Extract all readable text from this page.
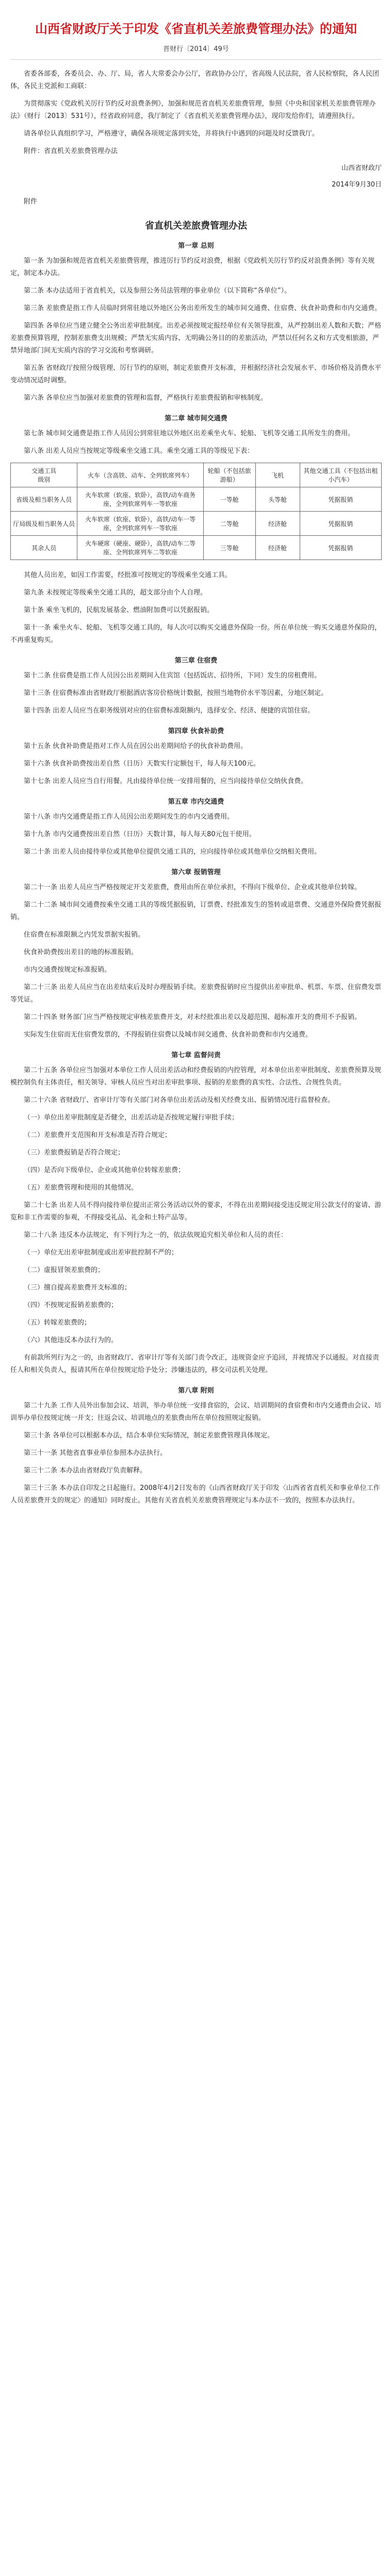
山西省财政厅关于印发《省直机关差旅费管理办法》的通知
晋财行〔2014〕49号

省委各部委，各委员会、办、厅、局，省人大常委会办公厅，省政协办公厅，省高级人民法院，省人民检察院，各人民团体，各民主党派和工商联：

为贯彻落实《党政机关厉行节约反对浪费条例》，加强和规范省直机关差旅费管理，参照《中央和国家机关差旅费管理办法》（财行〔2013〕531号），经省政府同意，我厅制定了《省直机关差旅费管理办法》，现印发给你们，请遵照执行。

请各单位认真组织学习，严格遵守，确保各项规定落到实处，并将执行中遇到的问题及时反馈我厅。

附件：省直机关差旅费管理办法

山西省财政厅
2014年9月30日

附件

省直机关差旅费管理办法
第一章 总则

第一条 为加强和规范省直机关差旅费管理，推进厉行节约反对浪费，根据《党政机关厉行节约反对浪费条例》等有关规定，制定本办法。

第二条 本办法适用于省直机关，以及参照公务员法管理的事业单位（以下简称“各单位”）。

第三条 差旅费是指工作人员临时到常驻地以外地区公务出差所发生的城市间交通费、住宿费、伙食补助费和市内交通费。

第四条 各单位应当建立健全公务出差审批制度。出差必须按规定报经单位有关领导批准，从严控制出差人数和天数；严格差旅费预算管理，控制差旅费支出规模；严禁无实质内容、无明确公务目的的差旅活动，严禁以任何名义和方式变相旅游，严禁异地部门间无实质内容的学习交流和考察调研。

第五条 省财政厅按照分级管理、厉行节约的原则，制定差旅费开支标准，并根据经济社会发展水平、市场价格及消费水平变动情况适时调整。

第六条 各单位应当加强对差旅费的管理和监督，严格执行差旅费报销和审核制度。

第二章 城市间交通费

第七条 城市间交通费是指工作人员因公到常驻地以外地区出差乘坐火车、轮船、飞机等交通工具所发生的费用。

第八条 出差人员应当按规定等级乘坐交通工具。乘坐交通工具的等级见下表：

交通工具
级别	火车（含高铁、动车、全列软席列车）	轮船（不包括旅游船）	飞机	其他交通工具（不包括出租小汽车）
省级及相当职务人员	火车软席（软座、软卧），高铁/动车商务座，全列软席列车一等软座	一等舱	头等舱	凭据报销
厅局级及相当职务人员	火车软席（软座、软卧），高铁/动车一等座，全列软席列车一等软座	二等舱	经济舱	凭据报销
其余人员	火车硬席（硬座、硬卧），高铁/动车二等座、全列软席列车二等软座	三等舱	经济舱	凭据报销

其他人员出差，如因工作需要，经批准可按规定的等级乘坐交通工具。

第九条 未按规定等级乘坐交通工具的，超支部分由个人自理。

第十条 乘坐飞机的，民航发展基金、燃油附加费可以凭据报销。

第十一条 乘坐火车、轮船、飞机等交通工具的，每人次可以购买交通意外保险一份。所在单位统一购买交通意外保险的，不再重复购买。

第三章 住宿费

第十二条 住宿费是指工作人员因公出差期间入住宾馆（包括饭店、招待所，下同）发生的房租费用。

第十三条 住宿费标准由省财政厅根据酒店客房价格统计数据，按照当地物价水平等因素，分地区制定。

第十四条 出差人员应当在职务级别对应的住宿费标准限额内，选择安全、经济、便捷的宾馆住宿。

第四章 伙食补助费

第十五条 伙食补助费是指对工作人员在因公出差期间给予的伙食补助费用。

第十六条 伙食补助费按出差自然（日历）天数实行定额包干，每人每天100元。

第十七条 出差人员应当自行用餐。凡由接待单位统一安排用餐的，应当向接待单位交纳伙食费。

第五章 市内交通费

第十八条 市内交通费是指工作人员因公出差期间发生的市内交通费用。

第十九条 市内交通费按出差自然（日历）天数计算，每人每天80元包干使用。

第二十条 出差人员由接待单位或其他单位提供交通工具的，应向接待单位或其他单位交纳相关费用。

第六章 报销管理

第二十一条 出差人员应当严格按规定开支差旅费，费用由所在单位承担，不得向下级单位、企业或其他单位转嫁。

第二十二条 城市间交通费按乘坐交通工具的等级凭据报销，订票费、经批准发生的签转或退票费、交通意外保险费凭据报销。

住宿费在标准限额之内凭发票据实报销。

伙食补助费按出差目的地的标准报销。

市内交通费按规定标准报销。

第二十三条 出差人员应当在出差结束后及时办理报销手续。差旅费报销时应当提供出差审批单、机票、车票、住宿费发票等凭证。

第二十四条 财务部门应当严格按规定审核差旅费开支，对未经批准出差以及超范围、超标准开支的费用不予报销。

实际发生住宿而无住宿费发票的，不得报销住宿费以及城市间交通费、伙食补助费和市内交通费。

第七章 监督问责

第二十五条 各单位应当加强对本单位工作人员出差活动和经费报销的内控管理，对本单位出差审批制度、差旅费预算及规模控制负有主体责任，相关领导、审核人员应当对出差审批事项、报销的差旅费的真实性、合法性、合规性负责。

第二十六条 省财政厅、省审计厅等有关部门对各单位出差活动及相关经费支出、报销情况进行监督检查。

（一）单位出差审批制度是否健全，出差活动是否按规定履行审批手续；

（二）差旅费开支范围和开支标准是否符合规定；

（三）差旅费报销是否符合规定；

（四）是否向下级单位、企业或其他单位转嫁差旅费；

（五）差旅费管理和使用的其他情况。

第二十七条 出差人员不得向接待单位提出正常公务活动以外的要求，不得在出差期间接受违反规定用公款支付的宴请、游览和非工作需要的参观，不得接受礼品、礼金和土特产品等。

第二十八条 违反本办法规定，有下列行为之一的，依法依规追究相关单位和人员的责任：

（一）单位无出差审批制度或出差审批控制不严的；

（二）虚报冒领差旅费的；

（三）擅自提高差旅费开支标准的；

（四）不按规定报销差旅费的；

（五）转嫁差旅费的；

（六）其他违反本办法行为的。

有前款所列行为之一的，由省财政厅、省审计厅等有关部门责令改正，违规资金应予追回，并视情况予以通报。对直接责任人和相关负责人，报请其所在单位按规定给予处分；涉嫌违法的，移交司法机关处理。

第八章 附则

第二十九条 工作人员外出参加会议、培训，举办单位统一安排食宿的，会议、培训期间的食宿费和市内交通费由会议、培训举办单位按规定统一开支；往返会议、培训地点的差旅费由所在单位按照规定报销。

第三十条 各单位可以根据本办法，结合本单位实际情况，制定差旅费管理具体规定。

第三十一条 其他省直事业单位参照本办法执行。

第三十二条 本办法由省财政厅负责解释。

第三十三条 本办法自印发之日起施行。2008年4月2日发布的《山西省财政厅关于印发〈山西省省直机关和事业单位工作人员差旅费开支的规定〉的通知》同时废止。其他有关省直机关差旅费管理规定与本办法不一致的，按照本办法执行。
